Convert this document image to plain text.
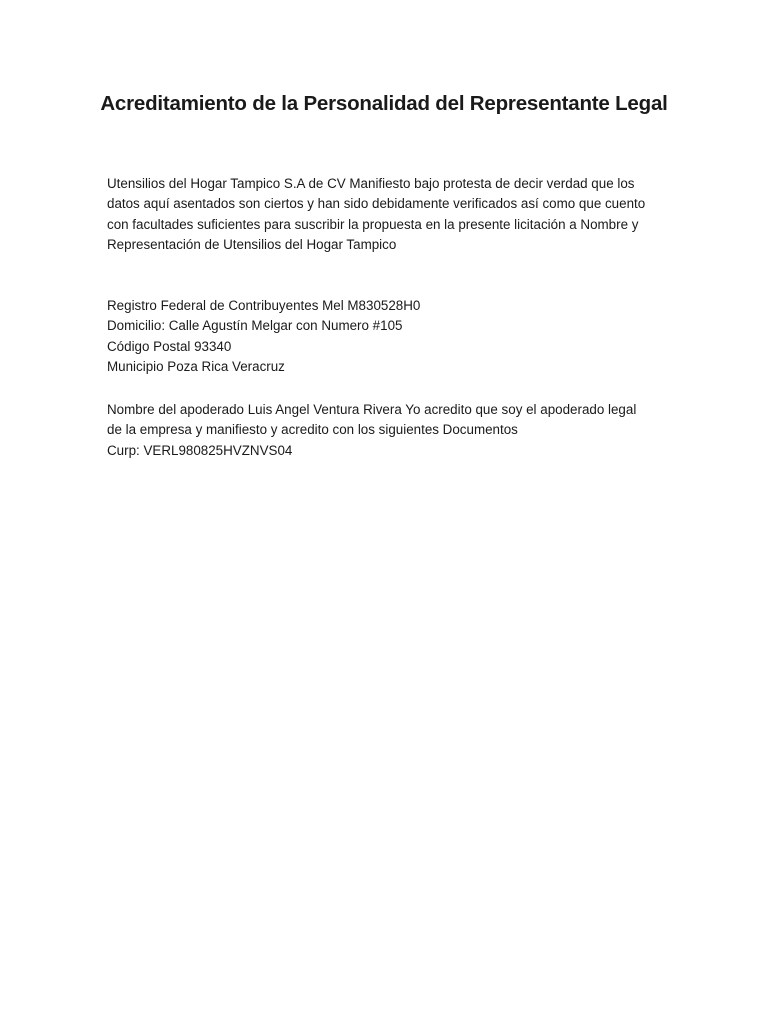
Acreditamiento de la Personalidad del Representante Legal

Utensilios del Hogar Tampico S.A de CV Manifiesto bajo protesta de decir verdad que los
datos aquí asentados son ciertos y han sido debidamente verificados así como que cuento
con facultades suficientes para suscribir la propuesta en la presente licitación a Nombre y
Representación de Utensilios del Hogar Tampico

Registro Federal de Contribuyentes Mel M830528H0
Domicilio: Calle Agustín Melgar con Numero #105
Código Postal 93340
Municipio Poza Rica Veracruz

Nombre del apoderado Luis Angel Ventura Rivera Yo acredito que soy el apoderado legal
de la empresa y manifiesto y acredito con los siguientes Documentos
Curp: VERL980825HVZNVS04
